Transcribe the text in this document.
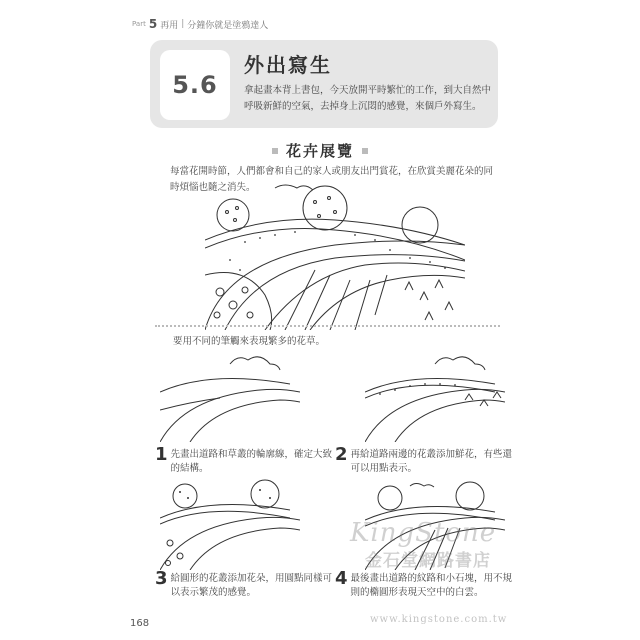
Part 5 再用 | 分鐘你就是塗鴉達人
5.6
外出寫生
拿起畫本背上書包，今天放開平時繁忙的工作，到大自然中呼吸新鮮的空氣，去掉身上沉悶的感覺，來個戶外寫生。
花卉展覽
每當花開時節，人們都會和自己的家人或朋友出門賞花，在欣賞美麗花朵的同時煩惱也隨之消失。
要用不同的筆觸來表現繁多的花草。
1 先畫出道路和草叢的輪廓線，確定大致的結構。
2 再給道路兩邊的花叢添加鮮花，有些還可以用點表示。
3 給圓形的花叢添加花朵，用圓點同樣可以表示繁茂的感覺。
4 最後畫出道路的紋路和小石塊，用不規則的橢圓形表現天空中的白雲。
168
KingStone
金石堂網路書店
www.kingstone.com.tw
